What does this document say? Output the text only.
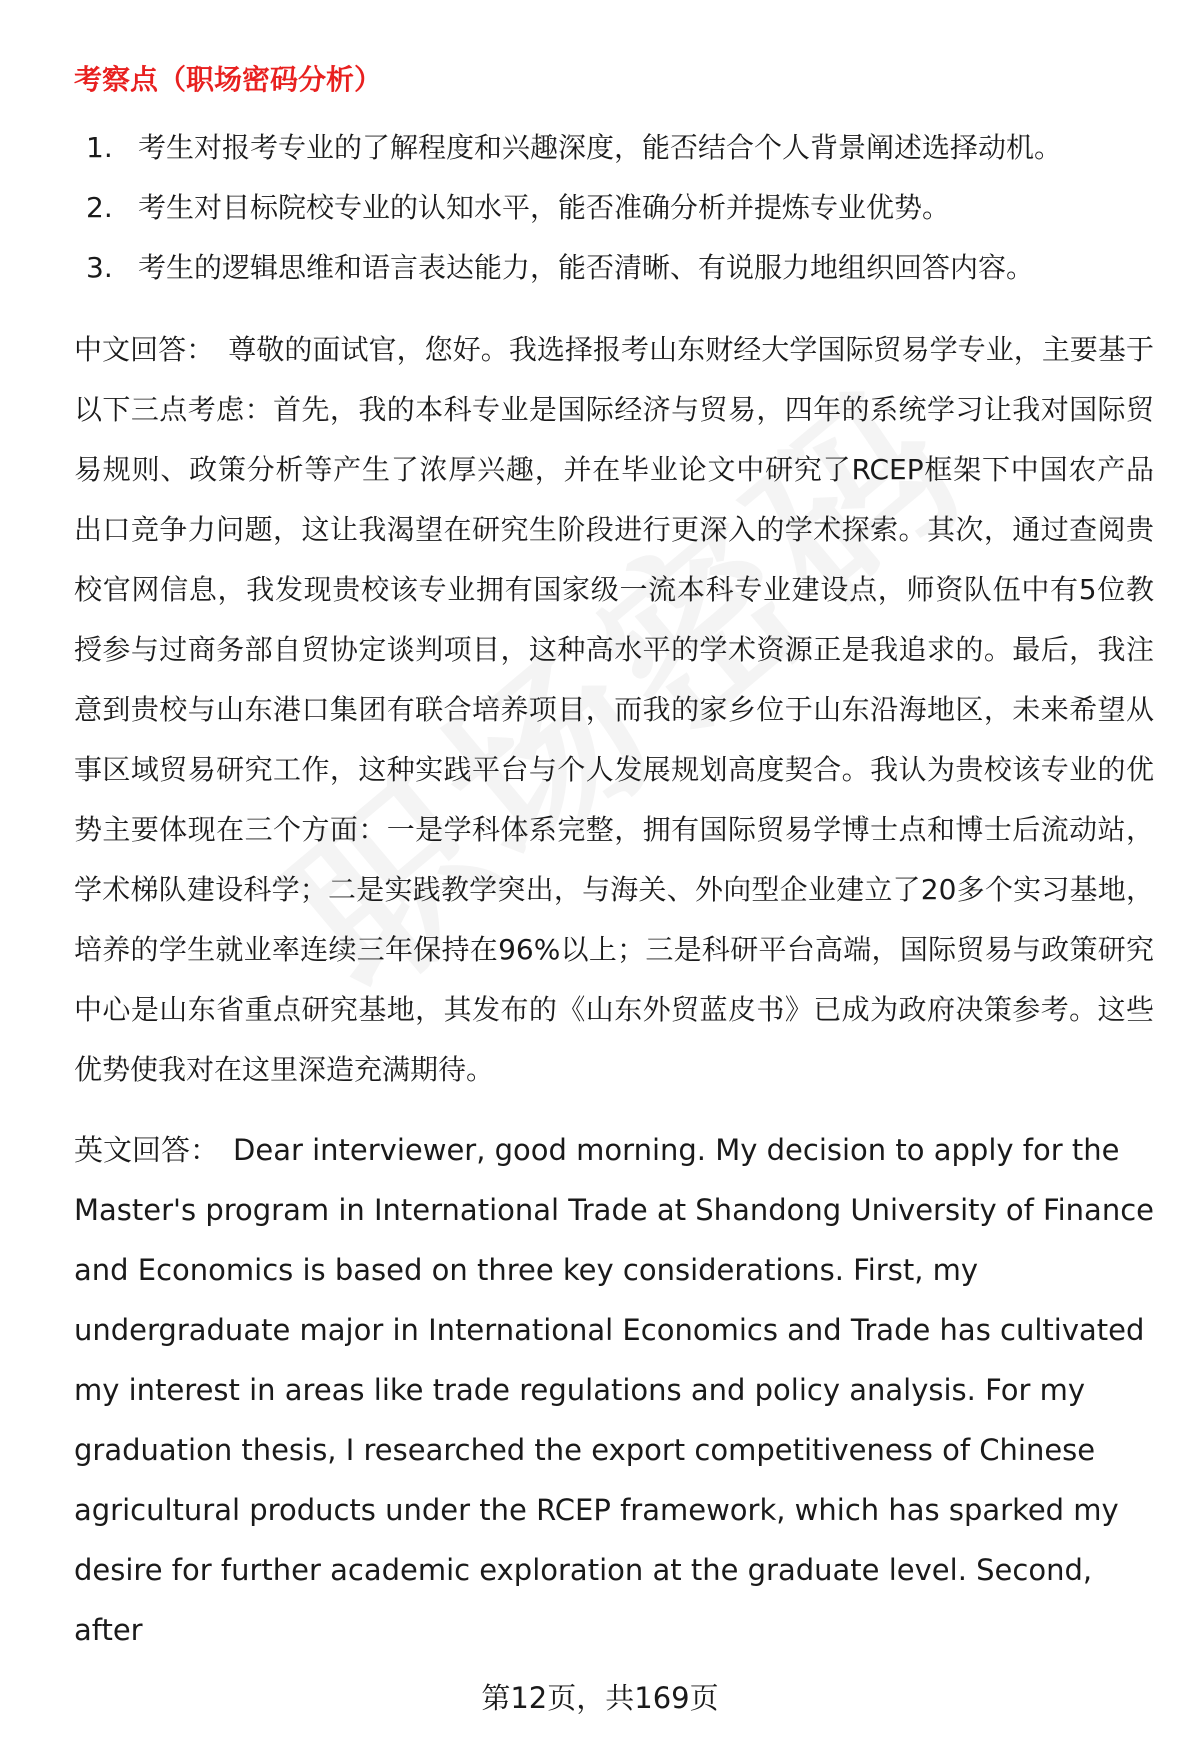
考察点（职场密码分析）
1. 考生对报考专业的了解程度和兴趣深度，能否结合个人背景阐述选择动机。
2. 考生对目标院校专业的认知水平，能否准确分析并提炼专业优势。
3. 考生的逻辑思维和语言表达能力，能否清晰、有说服力地组织回答内容。

中文回答： 尊敬的面试官，您好。我选择报考山东财经大学国际贸易学专业，主要基于以下三点考虑：首先，我的本科专业是国际经济与贸易，四年的系统学习让我对国际贸易规则、政策分析等产生了浓厚兴趣，并在毕业论文中研究了RCEP框架下中国农产品出口竞争力问题，这让我渴望在研究生阶段进行更深入的学术探索。其次，通过查阅贵校官网信息，我发现贵校该专业拥有国家级一流本科专业建设点，师资队伍中有5位教授参与过商务部自贸协定谈判项目，这种高水平的学术资源正是我追求的。最后，我注意到贵校与山东港口集团有联合培养项目，而我的家乡位于山东沿海地区，未来希望从事区域贸易研究工作，这种实践平台与个人发展规划高度契合。我认为贵校该专业的优势主要体现在三个方面：一是学科体系完整，拥有国际贸易学博士点和博士后流动站，学术梯队建设科学；二是实践教学突出，与海关、外向型企业建立了20多个实习基地，培养的学生就业率连续三年保持在96%以上；三是科研平台高端，国际贸易与政策研究中心是山东省重点研究基地，其发布的《山东外贸蓝皮书》已成为政府决策参考。这些优势使我对在这里深造充满期待。

英文回答： Dear interviewer, good morning. My decision to apply for the Master's program in International Trade at Shandong University of Finance and Economics is based on three key considerations. First, my undergraduate major in International Economics and Trade has cultivated my interest in areas like trade regulations and policy analysis. For my graduation thesis, I researched the export competitiveness of Chinese agricultural products under the RCEP framework, which has sparked my desire for further academic exploration at the graduate level. Second, after

第12页，共169页
